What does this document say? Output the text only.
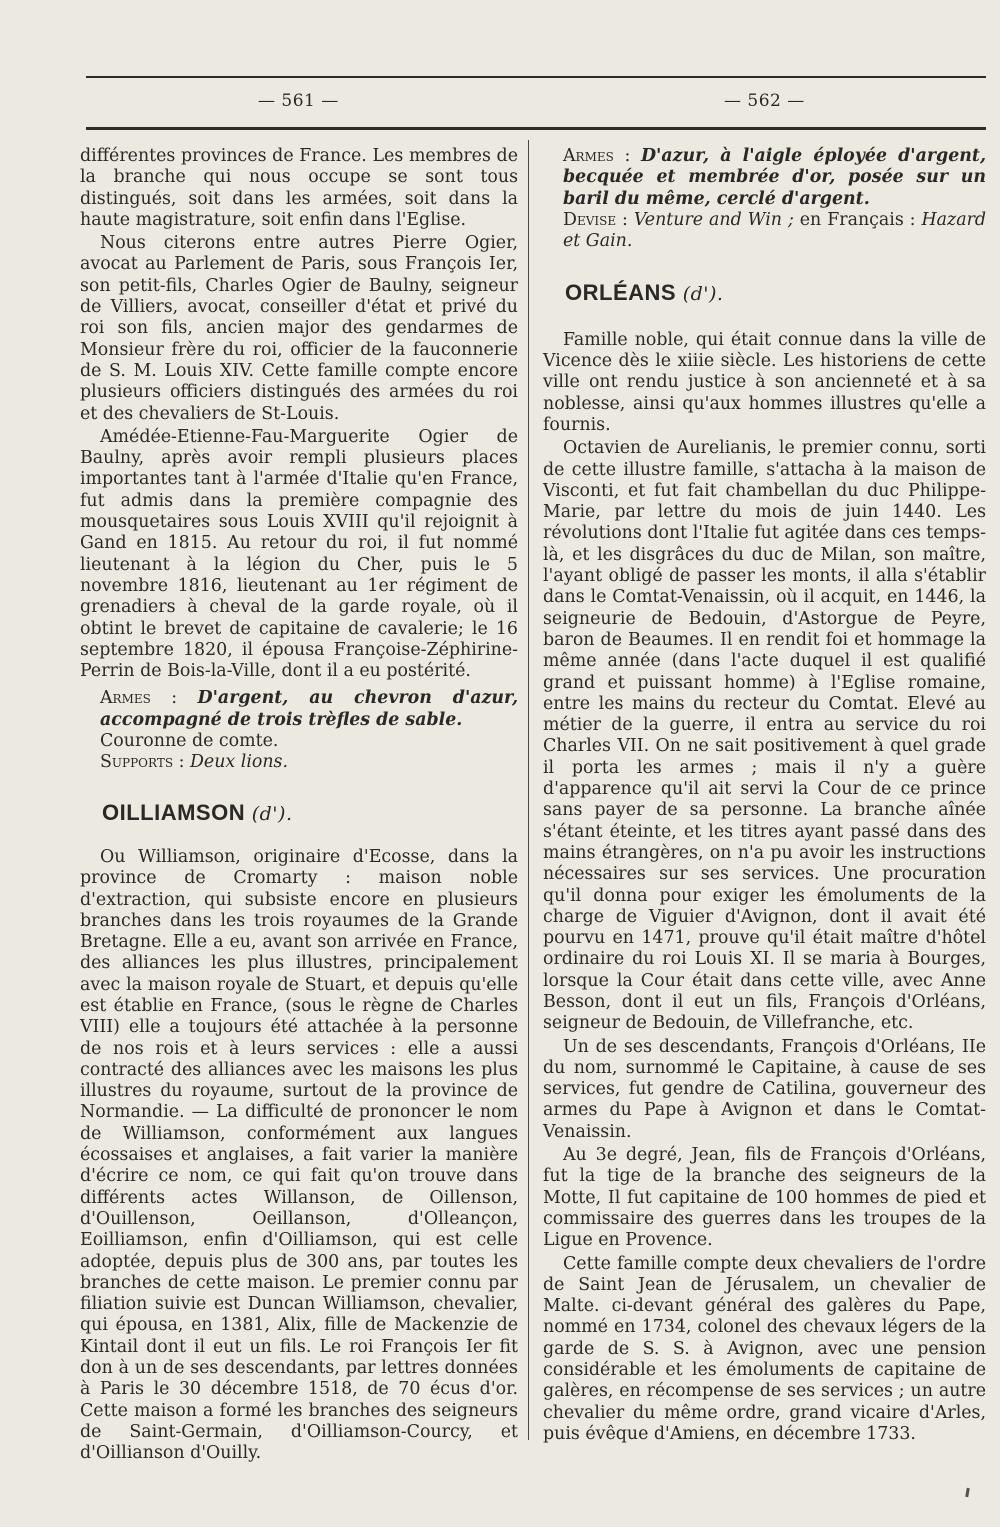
— 561 —	— 562 —

différentes provinces de France. Les membres de la branche qui nous occupe se sont tous distingués, soit dans les armées, soit dans la haute magistrature, soit enfin dans l'Eglise.

Nous citerons entre autres Pierre Ogier, avocat au Parlement de Paris, sous François Ier, son petit-fils, Charles Ogier de Baulny, seigneur de Villiers, avocat, conseiller d'état et privé du roi son fils, ancien major des gendarmes de Monsieur frère du roi, officier de la fauconnerie de S. M. Louis XIV. Cette famille compte encore plusieurs officiers distingués des armées du roi et des chevaliers de St-Louis.

Amédée-Etienne-Fau-Marguerite Ogier de Baulny, après avoir rempli plusieurs places importantes tant à l'armée d'Italie qu'en France, fut admis dans la première compagnie des mousquetaires sous Louis XVIII qu'il rejoignit à Gand en 1815. Au retour du roi, il fut nommé lieutenant à la légion du Cher, puis le 5 novembre 1816, lieutenant au 1er régiment de grenadiers à cheval de la garde royale, où il obtint le brevet de capitaine de cavalerie; le 16 septembre 1820, il épousa Françoise-Zéphirine-Perrin de Bois-la-Ville, dont il a eu postérité.

Armes : D'argent, au chevron d'azur, accompagné de trois trèfles de sable.
Couronne de comte.
Supports : Deux lions.
OILLIAMSON (d').

Ou Williamson, originaire d'Ecosse, dans la province de Cromarty : maison noble d'extraction, qui subsiste encore en plusieurs branches dans les trois royaumes de la Grande Bretagne. Elle a eu, avant son arrivée en France, des alliances les plus illustres, principalement avec la maison royale de Stuart, et depuis qu'elle est établie en France, (sous le règne de Charles VIII) elle a toujours été attachée à la personne de nos rois et à leurs services : elle a aussi contracté des alliances avec les maisons les plus illustres du royaume, surtout de la province de Normandie. — La difficulté de prononcer le nom de Williamson, conformément aux langues écossaises et anglaises, a fait varier la manière d'écrire ce nom, ce qui fait qu'on trouve dans différents actes Willanson, de Oillenson, d'Ouillenson, Oeillanson, d'Olleançon, Eoilliamson, enfin d'Oilliamson, qui est celle adoptée, depuis plus de 300 ans, par toutes les branches de cette maison. Le premier connu par filiation suivie est Duncan Williamson, chevalier, qui épousa, en 1381, Alix, fille de Mackenzie de Kintail dont il eut un fils. Le roi François Ier fit don à un de ses descendants, par lettres données à Paris le 30 décembre 1518, de 70 écus d'or. Cette maison a formé les branches des seigneurs de Saint-Germain, d'Oilliamson-Courcy, et d'Oillianson d'Ouilly.

Armes : D'azur, à l'aigle éployée d'argent, becquée et membrée d'or, posée sur un baril du même, cerclé d'argent.
Devise : Venture and Win ; en Français : Hazard et Gain.
ORLÉANS (d').

Famille noble, qui était connue dans la ville de Vicence dès le xiiie siècle. Les historiens de cette ville ont rendu justice à son ancienneté et à sa noblesse, ainsi qu'aux hommes illustres qu'elle a fournis.

Octavien de Aurelianis, le premier connu, sorti de cette illustre famille, s'attacha à la maison de Visconti, et fut fait chambellan du duc Philippe-Marie, par lettre du mois de juin 1440. Les révolutions dont l'Italie fut agitée dans ces temps-là, et les disgrâces du duc de Milan, son maître, l'ayant obligé de passer les monts, il alla s'établir dans le Comtat-Venaissin, où il acquit, en 1446, la seigneurie de Bedouin, d'Astorgue de Peyre, baron de Beaumes. Il en rendit foi et hommage la même année (dans l'acte duquel il est qualifié grand et puissant homme) à l'Eglise romaine, entre les mains du recteur du Comtat. Elevé au métier de la guerre, il entra au service du roi Charles VII. On ne sait positivement à quel grade il porta les armes ; mais il n'y a guère d'apparence qu'il ait servi la Cour de ce prince sans payer de sa personne. La branche aînée s'étant éteinte, et les titres ayant passé dans des mains étrangères, on n'a pu avoir les instructions nécessaires sur ses services. Une procuration qu'il donna pour exiger les émoluments de la charge de Viguier d'Avignon, dont il avait été pourvu en 1471, prouve qu'il était maître d'hôtel ordinaire du roi Louis XI. Il se maria à Bourges, lorsque la Cour était dans cette ville, avec Anne Besson, dont il eut un fils, François d'Orléans, seigneur de Bedouin, de Villefranche, etc.

Un de ses descendants, François d'Orléans, IIe du nom, surnommé le Capitaine, à cause de ses services, fut gendre de Catilina, gouverneur des armes du Pape à Avignon et dans le Comtat-Venaissin.

Au 3e degré, Jean, fils de François d'Orléans, fut la tige de la branche des seigneurs de la Motte, Il fut capitaine de 100 hommes de pied et commissaire des guerres dans les troupes de la Ligue en Provence.

Cette famille compte deux chevaliers de l'ordre de Saint Jean de Jérusalem, un chevalier de Malte. ci-devant général des galères du Pape, nommé en 1734, colonel des chevaux légers de la garde de S. S. à Avignon, avec une pension considérable et les émoluments de capitaine de galères, en récompense de ses services ; un autre chevalier du même ordre, grand vicaire d'Arles, puis évêque d'Amiens, en décembre 1733.
